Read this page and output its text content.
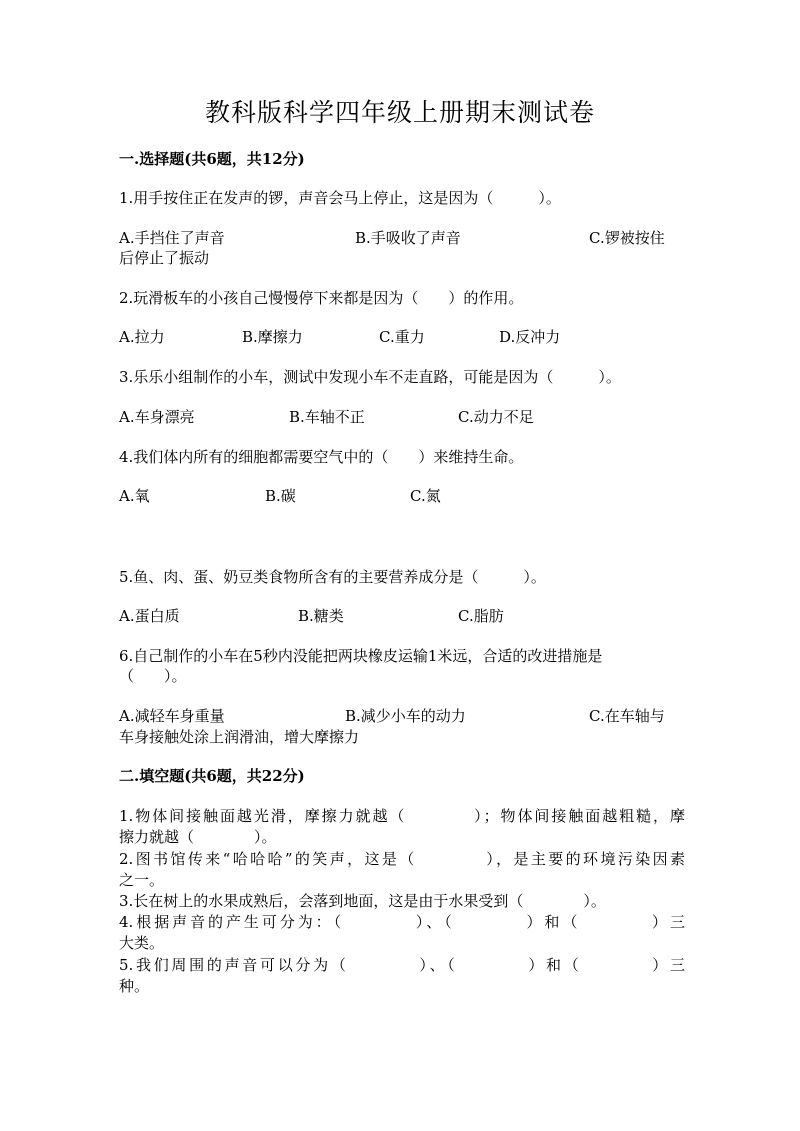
教科版科学四年级上册期末测试卷
一.选择题(共6题，共12分)
1.用手按住正在发声的锣，声音会马上停止，这是因为（　　　）。
A.手挡住了声音	B.手吸收了声音	C.锣被按住
后停止了振动
2.玩滑板车的小孩自己慢慢停下来都是因为（　　）的作用。
A.拉力	B.摩擦力	C.重力	D.反冲力
3.乐乐小组制作的小车，测试中发现小车不走直路，可能是因为（　　　）。
A.车身漂亮	B.车轴不正	C.动力不足
4.我们体内所有的细胞都需要空气中的（　　）来维持生命。
A.氧	B.碳	C.氮
5.鱼、肉、蛋、奶豆类食物所含有的主要营养成分是（　　　）。
A.蛋白质	B.糖类	C.脂肪
6.自己制作的小车在5秒内没能把两块橡皮运输1米远，合适的改进措施是
（　　）。
A.减轻车身重量	B.减少小车的动力	C.在车轴与
车身接触处涂上润滑油，增大摩擦力
二.填空题(共6题，共22分)
1.物体间接触面越光滑，摩擦力就越（　　　　）；物体间接触面越粗糙，摩
擦力就越（　　　　）。
2.图书馆传来“哈哈哈”的笑声，这是（　　　　），是主要的环境污染因素
之一。
3.长在树上的水果成熟后，会落到地面，这是由于水果受到（　　　　）。
4.根据声音的产生可分为：（　　　　）、（　　　　）和（　　　　）三
大类。
5.我们周围的声音可以分为（　　　　）、（　　　　）和（　　　　）三
种。
